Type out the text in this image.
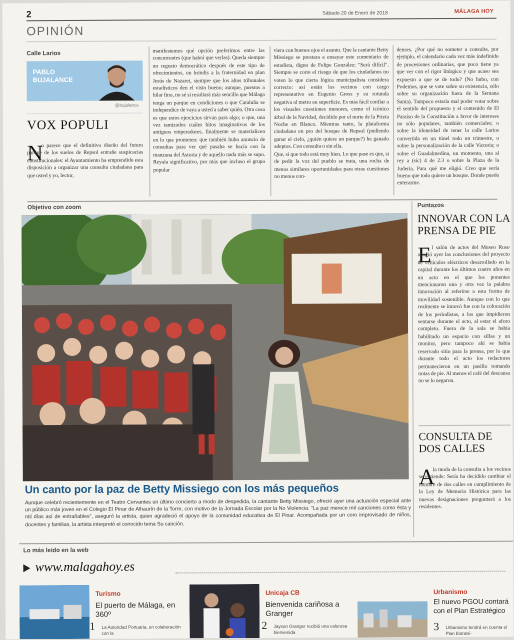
2	Sábado 20 de Enero de 2018	MÁLAGA HOY
OPINIÓN
Calle Larios
PABLO
BUJALANCE
@bujalance
VOX POPULI
N
o parece que el definitivo diseño del futuro parque de los suelos de Repsol entrañe suspicacias constitucionales: el Ayuntamiento ha emprendido esta disposición a organizar una consulta ciudadana para que usted y yo, lector,
manifestemos qué opción preferimos entre las concurrentes (que habrá que verlas). Queda siempre un regusto democrático después de este tipo de ofrecimientos, un brindis a la fraternidad en plan Jesús de Nazaret, siempre que los altos tribunales estadísticos den el visto bueno; aunque, puestos a hilar fino, no sé si resultará más sencillo que Málaga tenga un parque en condiciones o que Cataluña se independice de vaya a usted a saber quién. Otra cosa es que estos ejercicios sirvan para algo; o que, una vez tamizados cuáles hitos imaginativos de los antiguos emperadores, finalmente se materialicen en lo que prometen: que también hubo anuncio de consultas para ver qué pasaba se hacía con la manzana del Astoria y de aquello nada más se supo. Reyala significativo, por más que incluso el grupo popular
viera con buenos ojos el asunto. Que la cantante Betty Missiego se prestara a ensayar este comentario de estadista, digno de Felipe González: "Será difícil". Siempre se corre el riesgo de que los ciudadanos no voten lo que cierta lógica municipalista considera correcto: así están los vecinos con cargo representativo en Eugenio Gross y su rotunda negativa al metro en superficie. Es más fácil confiar a los visuales cuestiones menores, como el icónico árbol de la Navidad, decidido por el norte de la Prieta Noche en Blanco. Mientras tanto, la plataforma ciudadana en pro del bosque de Repsol (pudiendo ganar el cielo, ¿quién quiere un parque?) ha ganado adeptos. Con consulta o sin ella.
Que, si que todo está muy bien. Lo que pase es que, si de pedir la voz del pueblo se trata, una rocha de menos similares oportunidades para otras cuestiones no menos con-
denses. ¿Por qué no someter a consulta, por ejemplo, el calendario cada vez más indefinido de procesiones ordinarias, que poco tiene ya que ver con el rigor litúrgico y que acaso sea expuesto a que se de todo? (No hubo, con Podemos, que se vote sobre su existencia, sólo sobre su organización fuera de la Semana Santa). Tampoco estaría mal poder votar sobre el sentido del propuesto y el contenido de El Paraíso de la Constitución a favor de intereses no sólo populares, también comerciales; o sobre la idoneidad de tener la calle Larios convertida en un túnel todo un trimestre, o sobre la personalización de la calle Victoria; o sobre el Guadalmedina, un momento, una al rey a (sic) 4 de 2.3 o sobre la Plaza de la Judería. Para qué me eligió. Creo que sería bueno que todo quiere un bosque. Donde puedo enterarme.
Objetivo con zoom
EMILIO CUESTA
Un canto por la paz de Betty Missiego con los más pequeños
Aunque celebró recientemente en el Teatro Cervantes un último concierto a modo de despedida, la cantante Betty Missiego, ofreció ayer una actuación especial ante un público más joven en el Colegio El Pinar de Alhaurín de la Torre, con motivo de la Jornada Escolar por la No Violencia. "La paz merece mil canciones como ésta y mil días así de entrañables", aseguró la artista, quien agradeció el apoyo de la comunidad educativa de El Pinar. Acompañada por un coro improvisado de niños, docentes y familias, la artista interpretó el conocido tema Su canción.
Puntazos
INNOVAR CON LA PRENSA DE PIE
E l salón de actos del Museo Ruso acogió ayer las conclusiones del proyecto de vehículos eléctricos desarrollado en la capital durante los últimos cuatro años en un acto en el que los ponentes mencionaron una y otra vez la palabra innovación al referirse a esta forma de movilidad sostenible. Aunque con lo que realmente se innovó fue con la colocación de los periodistas, a los que impidieron sentarse durante el acto, al estar el aforo completo. Fuera de la sala se había habilitado un espacio con sillas y un monitor, pero tampoco ahí se había reservado sitio para la prensa, por lo que durante todo el acto los redactores permanecieron en un pasillo tomando notas de pie. Al menos el café del descanso no se lo negaron.
CONSULTA DE DOS CALLES
A
la moda de la consulta a los vecinos se extiende: Sería ha decidido cambiar el nombre de dos calles en cumplimiento de la Ley de Memoria Histórica para las nuevas designaciones preguntará a los residentes.
Lo más leído en la web
www.malagahoy.es
Turismo
El puerto de Málaga, en 360º
1 La Autoridad Portuaria, en colaboración con la
Unicaja CB
Bienvenida cariñosa a Granger
2 Jayson Granger recibió una calurosa bienvenida
Urbanismo
El nuevo PGOU contará con el Plan Estratégico
3 Urbanismo tendrá en cuenta el Plan Estraté-
